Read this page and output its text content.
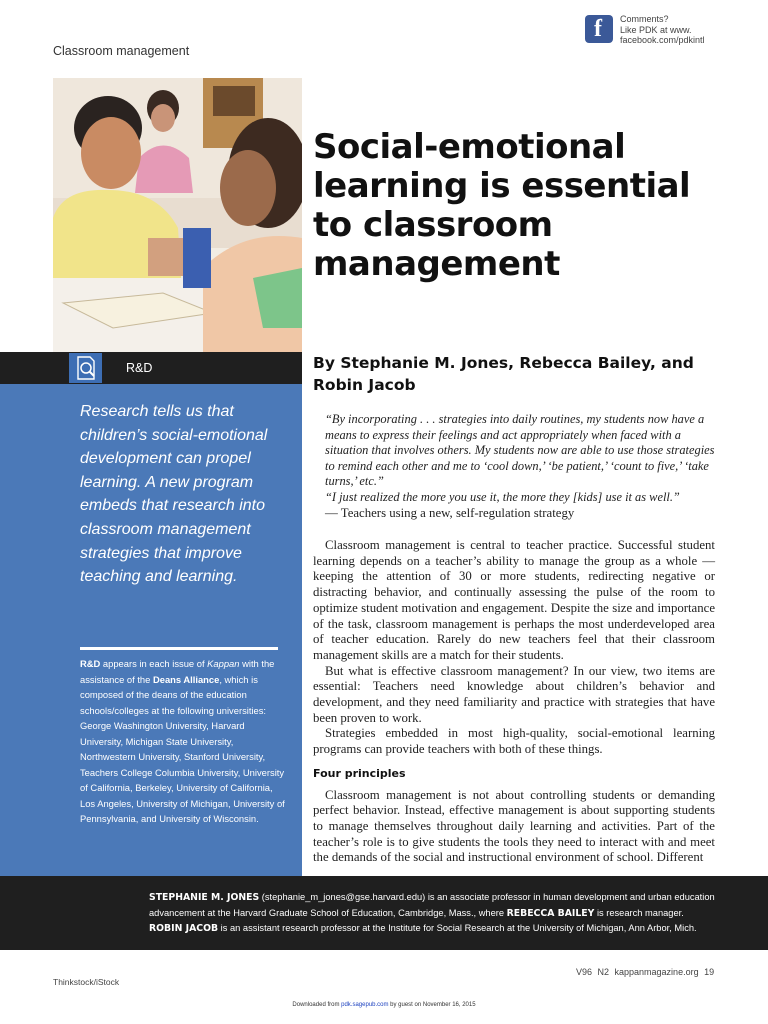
Classroom management
f Comments?
Like PDK at www.
facebook.com/pdkintl
Social-emotional learning is essential to classroom management
R&D
Research tells us that children’s social-emotional development can propel learning. A new program embeds that research into classroom management strategies that improve teaching and learning.
R&D appears in each issue of Kappan with the assistance of the Deans Alliance, which is composed of the deans of the education schools/colleges at the following universities: George Washington University, Harvard University, Michigan State University, Northwestern University, Stanford University, Teachers College Columbia University, University of California, Berkeley, University of California, Los Angeles, University of Michigan, University of Pennsylvania, and University of Wisconsin.
By Stephanie M. Jones, Rebecca Bailey, and Robin Jacob
“By incorporating . . . strategies into daily routines, my students now have a means to express their feelings and act appropriately when faced with a situation that involves others. My students now are able to use those strategies to remind each other and me to ‘cool down,’ ‘be patient,’ ‘count to five,’ ‘take turns,’ etc.”
“I just realized the more you use it, the more they [kids] use it as well.”
— Teachers using a new, self-regulation strategy

Classroom management is central to teacher practice. Successful student learning depends on a teacher’s ability to manage the group as a whole — keeping the attention of 30 or more students, redirecting negative or distracting behavior, and continually assessing the pulse of the room to optimize student motivation and engagement. Despite the size and importance of the task, classroom management is perhaps the most underdeveloped area of teacher education. Rarely do new teachers feel that their classroom management skills are a match for their students.

But what is effective classroom management? In our view, two items are essential: Teachers need knowledge about children’s behavior and development, and they need familiarity and practice with strategies that have been proven to work.

Strategies embedded in most high-quality, social-emotional learning programs can provide teachers with both of these things.

Four principles

Classroom management is not about controlling students or demanding perfect behavior. Instead, effective management is about supporting students to manage themselves throughout daily learning and activities. Part of the teacher’s role is to give students the tools they need to interact with and meet the demands of the social and instructional environment of school. Different

STEPHANIE M. JONES (stephanie_m_jones@gse.harvard.edu) is an associate professor in human development and urban education advancement at the Harvard Graduate School of Education, Cambridge, Mass., where REBECCA BAILEY is research manager.
ROBIN JACOB is an assistant research professor at the Institute for Social Research at the University of Michigan, Ann Arbor, Mich.
Thinkstock/iStock
V96 N2 kappanmagazine.org 19
Downloaded from pdk.sagepub.com by guest on November 16, 2015
